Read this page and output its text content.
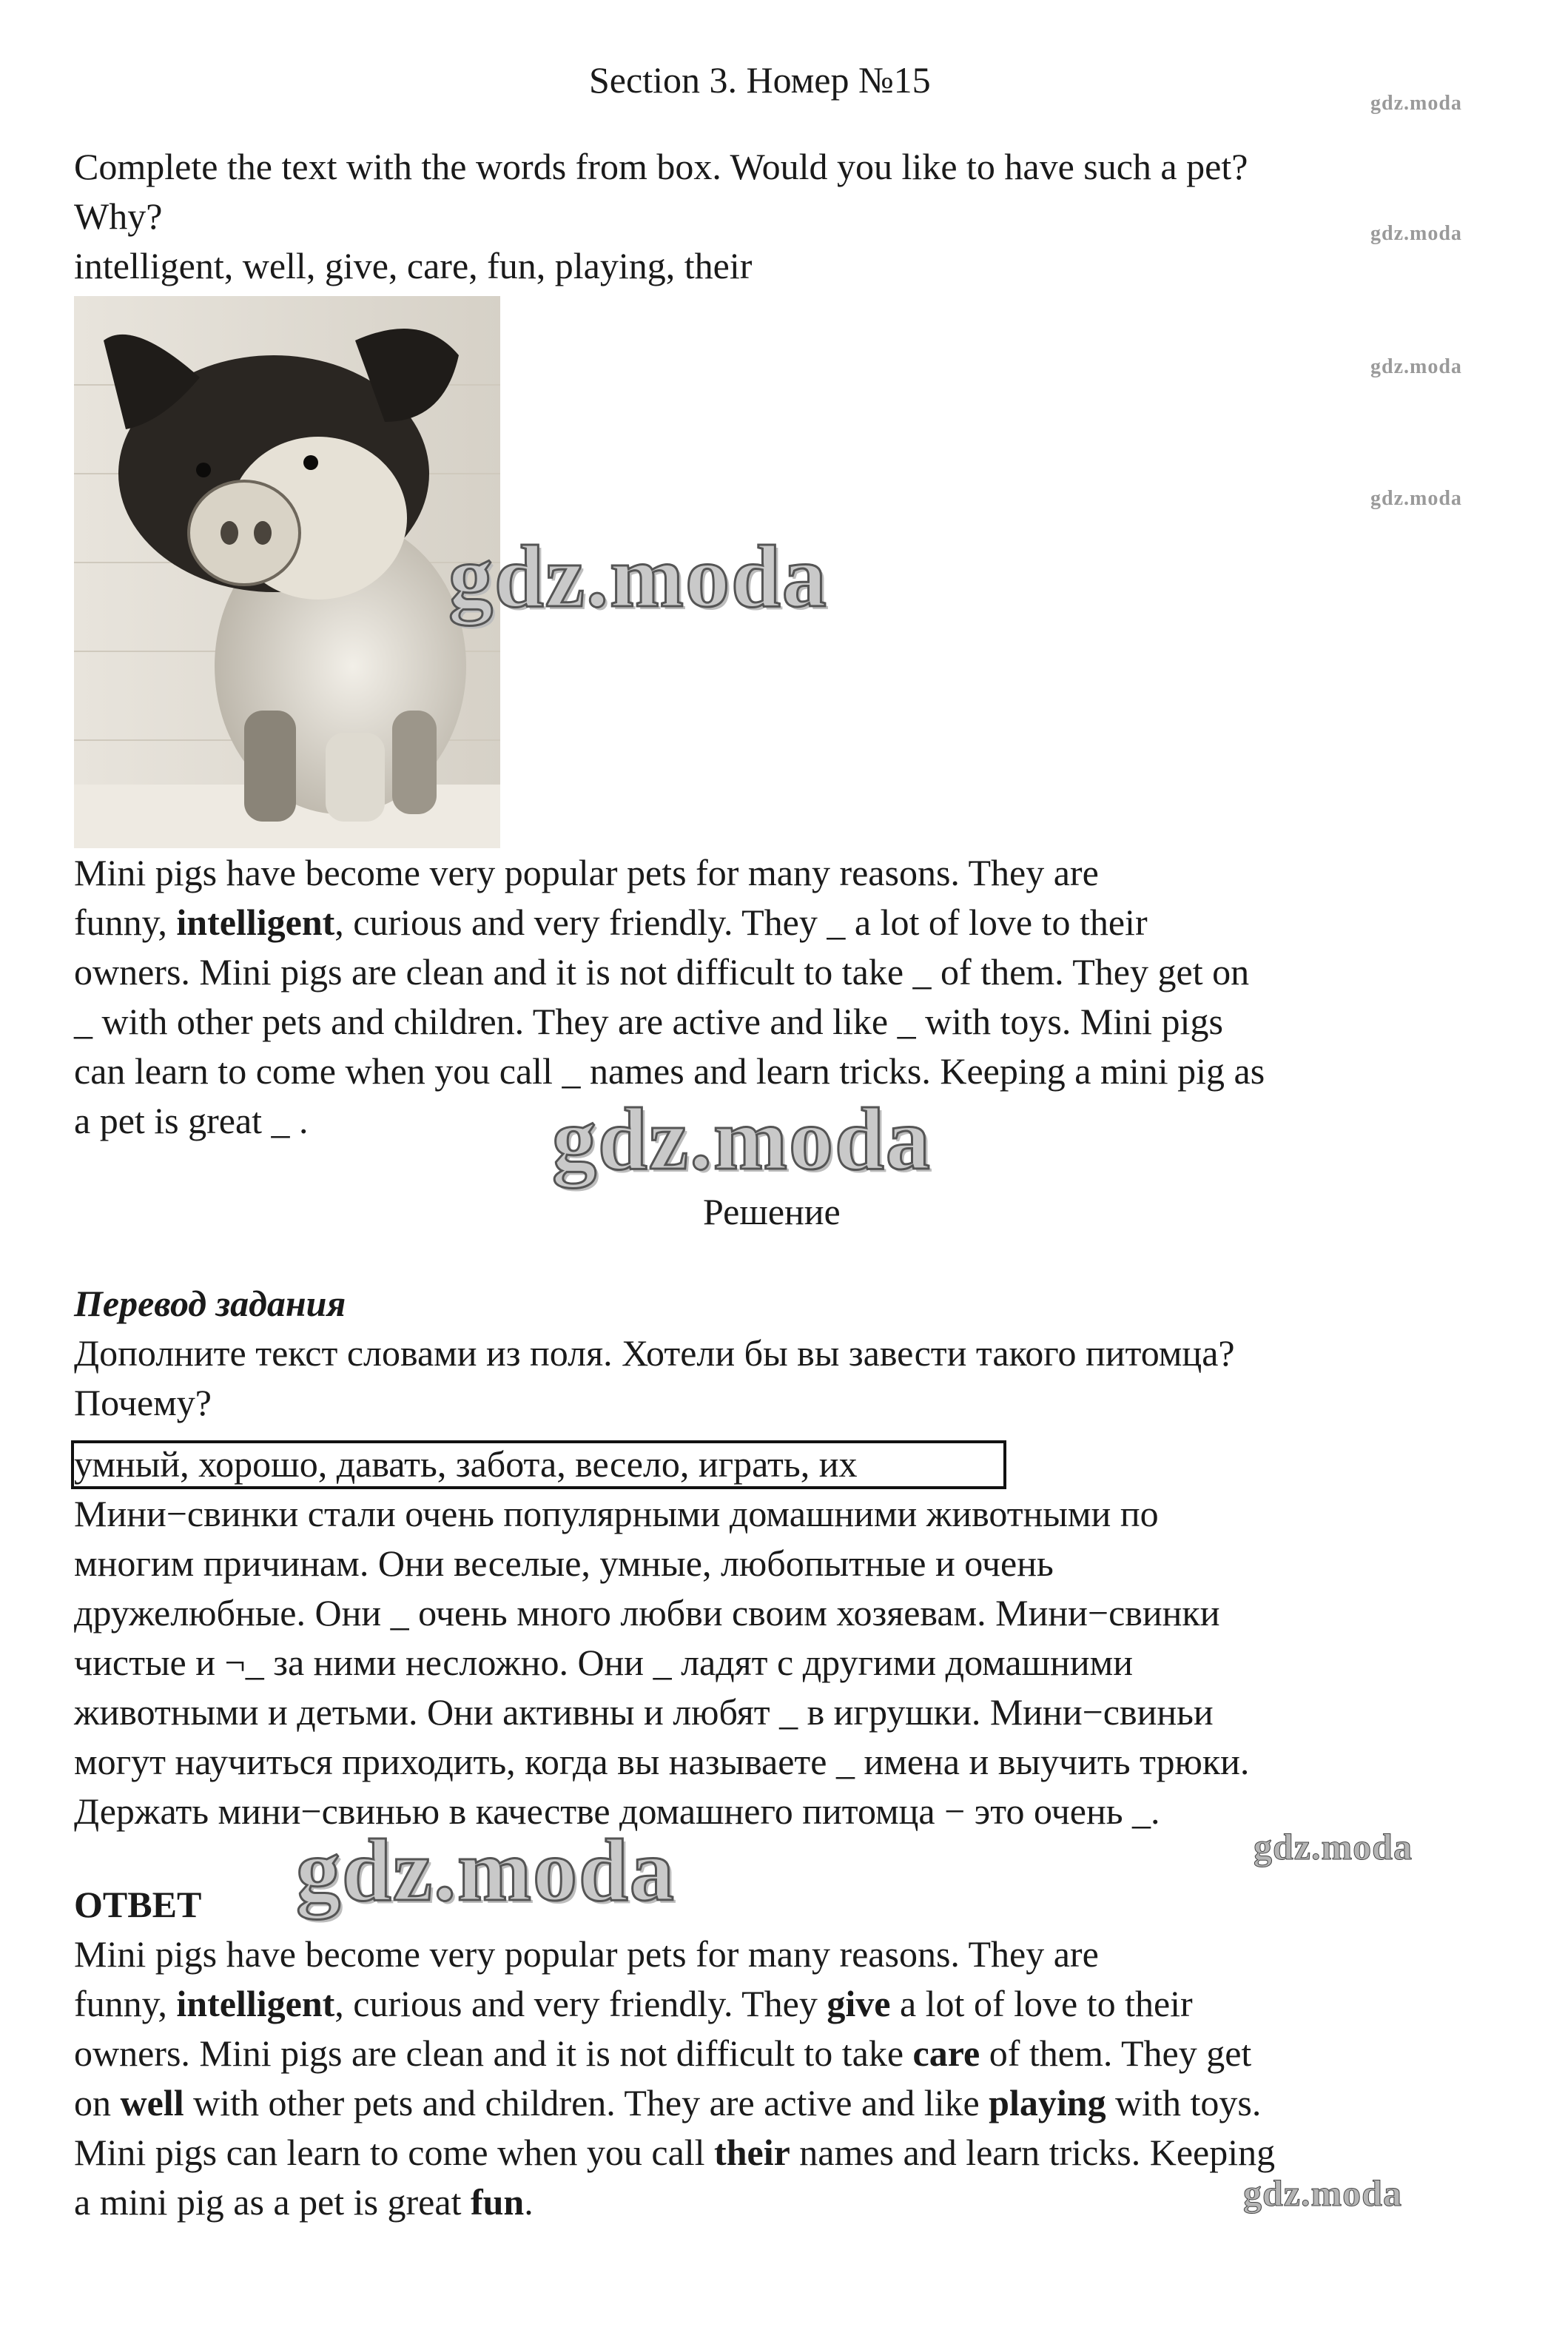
Section 3. Номер №15
gdz.moda
gdz.moda
gdz.moda
gdz.moda
Complete the text with the words from box. Would you like to have such a pet?
Why?
intelligent, well, give, care, fun, playing, their
gdz.moda
Mini pigs have become very popular pets for many reasons. They are
funny, intelligent, curious and very friendly. They _ a lot of love to their
owners. Mini pigs are clean and it is not difficult to take _ of them. They get on
_ with other pets and children. They are active and like _ with toys. Mini pigs
can learn to come when you call _ names and learn tricks. Keeping a mini pig as
a pet is great _ .	gdz.moda
Решение
Перевод задания
Дополните текст словами из поля. Хотели бы вы завести такого питомца?
Почему?
умный, хорошо, давать, забота, весело, играть, их
Мини−свинки стали очень популярными домашними животными по
многим причинам. Они веселые, умные, любопытные и очень
дружелюбные. Они _ очень много любви своим хозяевам. Мини−свинки
чистые и ¬_ за ними несложно. Они _ ладят с другими домашними
животными и детьми. Они активны и любят _ в игрушки. Мини−свиньи
могут научиться приходить, когда вы называете _ имена и выучить трюки.
Держать мини−свинью в качестве домашнего питомца − это очень _.
gdz.moda
gdz.moda
ОТВЕТ
Mini pigs have become very popular pets for many reasons. They are
funny, intelligent, curious and very friendly. They give a lot of love to their
owners. Mini pigs are clean and it is not difficult to take care of them. They get
on well with other pets and children. They are active and like playing with toys.
Mini pigs can learn to come when you call their names and learn tricks. Keeping
a mini pig as a pet is great fun.	gdz.moda
